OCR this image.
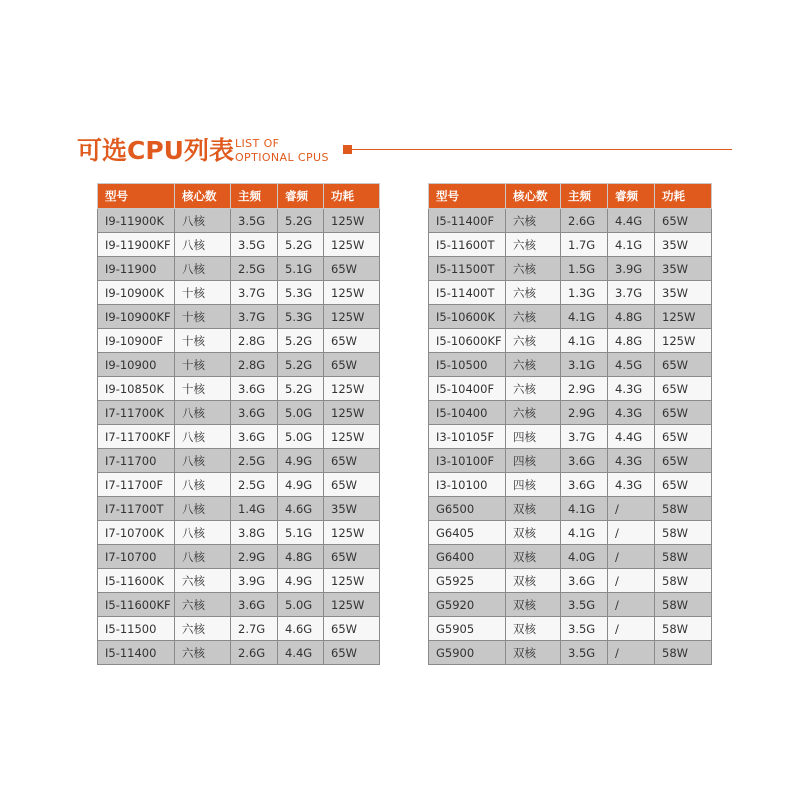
可选CPU列表 LIST OF
OPTIONAL CPUS
型号	核心数	主频	睿频	功耗
I9-11900K	八核	3.5G	5.2G	125W
I9-11900KF	八核	3.5G	5.2G	125W
I9-11900	八核	2.5G	5.1G	65W
I9-10900K	十核	3.7G	5.3G	125W
I9-10900KF	十核	3.7G	5.3G	125W
I9-10900F	十核	2.8G	5.2G	65W
I9-10900	十核	2.8G	5.2G	65W
I9-10850K	十核	3.6G	5.2G	125W
I7-11700K	八核	3.6G	5.0G	125W
I7-11700KF	八核	3.6G	5.0G	125W
I7-11700	八核	2.5G	4.9G	65W
I7-11700F	八核	2.5G	4.9G	65W
I7-11700T	八核	1.4G	4.6G	35W
I7-10700K	八核	3.8G	5.1G	125W
I7-10700	八核	2.9G	4.8G	65W
I5-11600K	六核	3.9G	4.9G	125W
I5-11600KF	六核	3.6G	5.0G	125W
I5-11500	六核	2.7G	4.6G	65W
I5-11400	六核	2.6G	4.4G	65W
型号	核心数	主频	睿频	功耗
I5-11400F	六核	2.6G	4.4G	65W
I5-11600T	六核	1.7G	4.1G	35W
I5-11500T	六核	1.5G	3.9G	35W
I5-11400T	六核	1.3G	3.7G	35W
I5-10600K	六核	4.1G	4.8G	125W
I5-10600KF	六核	4.1G	4.8G	125W
I5-10500	六核	3.1G	4.5G	65W
I5-10400F	六核	2.9G	4.3G	65W
I5-10400	六核	2.9G	4.3G	65W
I3-10105F	四核	3.7G	4.4G	65W
I3-10100F	四核	3.6G	4.3G	65W
I3-10100	四核	3.6G	4.3G	65W
G6500	双核	4.1G	/	58W
G6405	双核	4.1G	/	58W
G6400	双核	4.0G	/	58W
G5925	双核	3.6G	/	58W
G5920	双核	3.5G	/	58W
G5905	双核	3.5G	/	58W
G5900	双核	3.5G	/	58W
